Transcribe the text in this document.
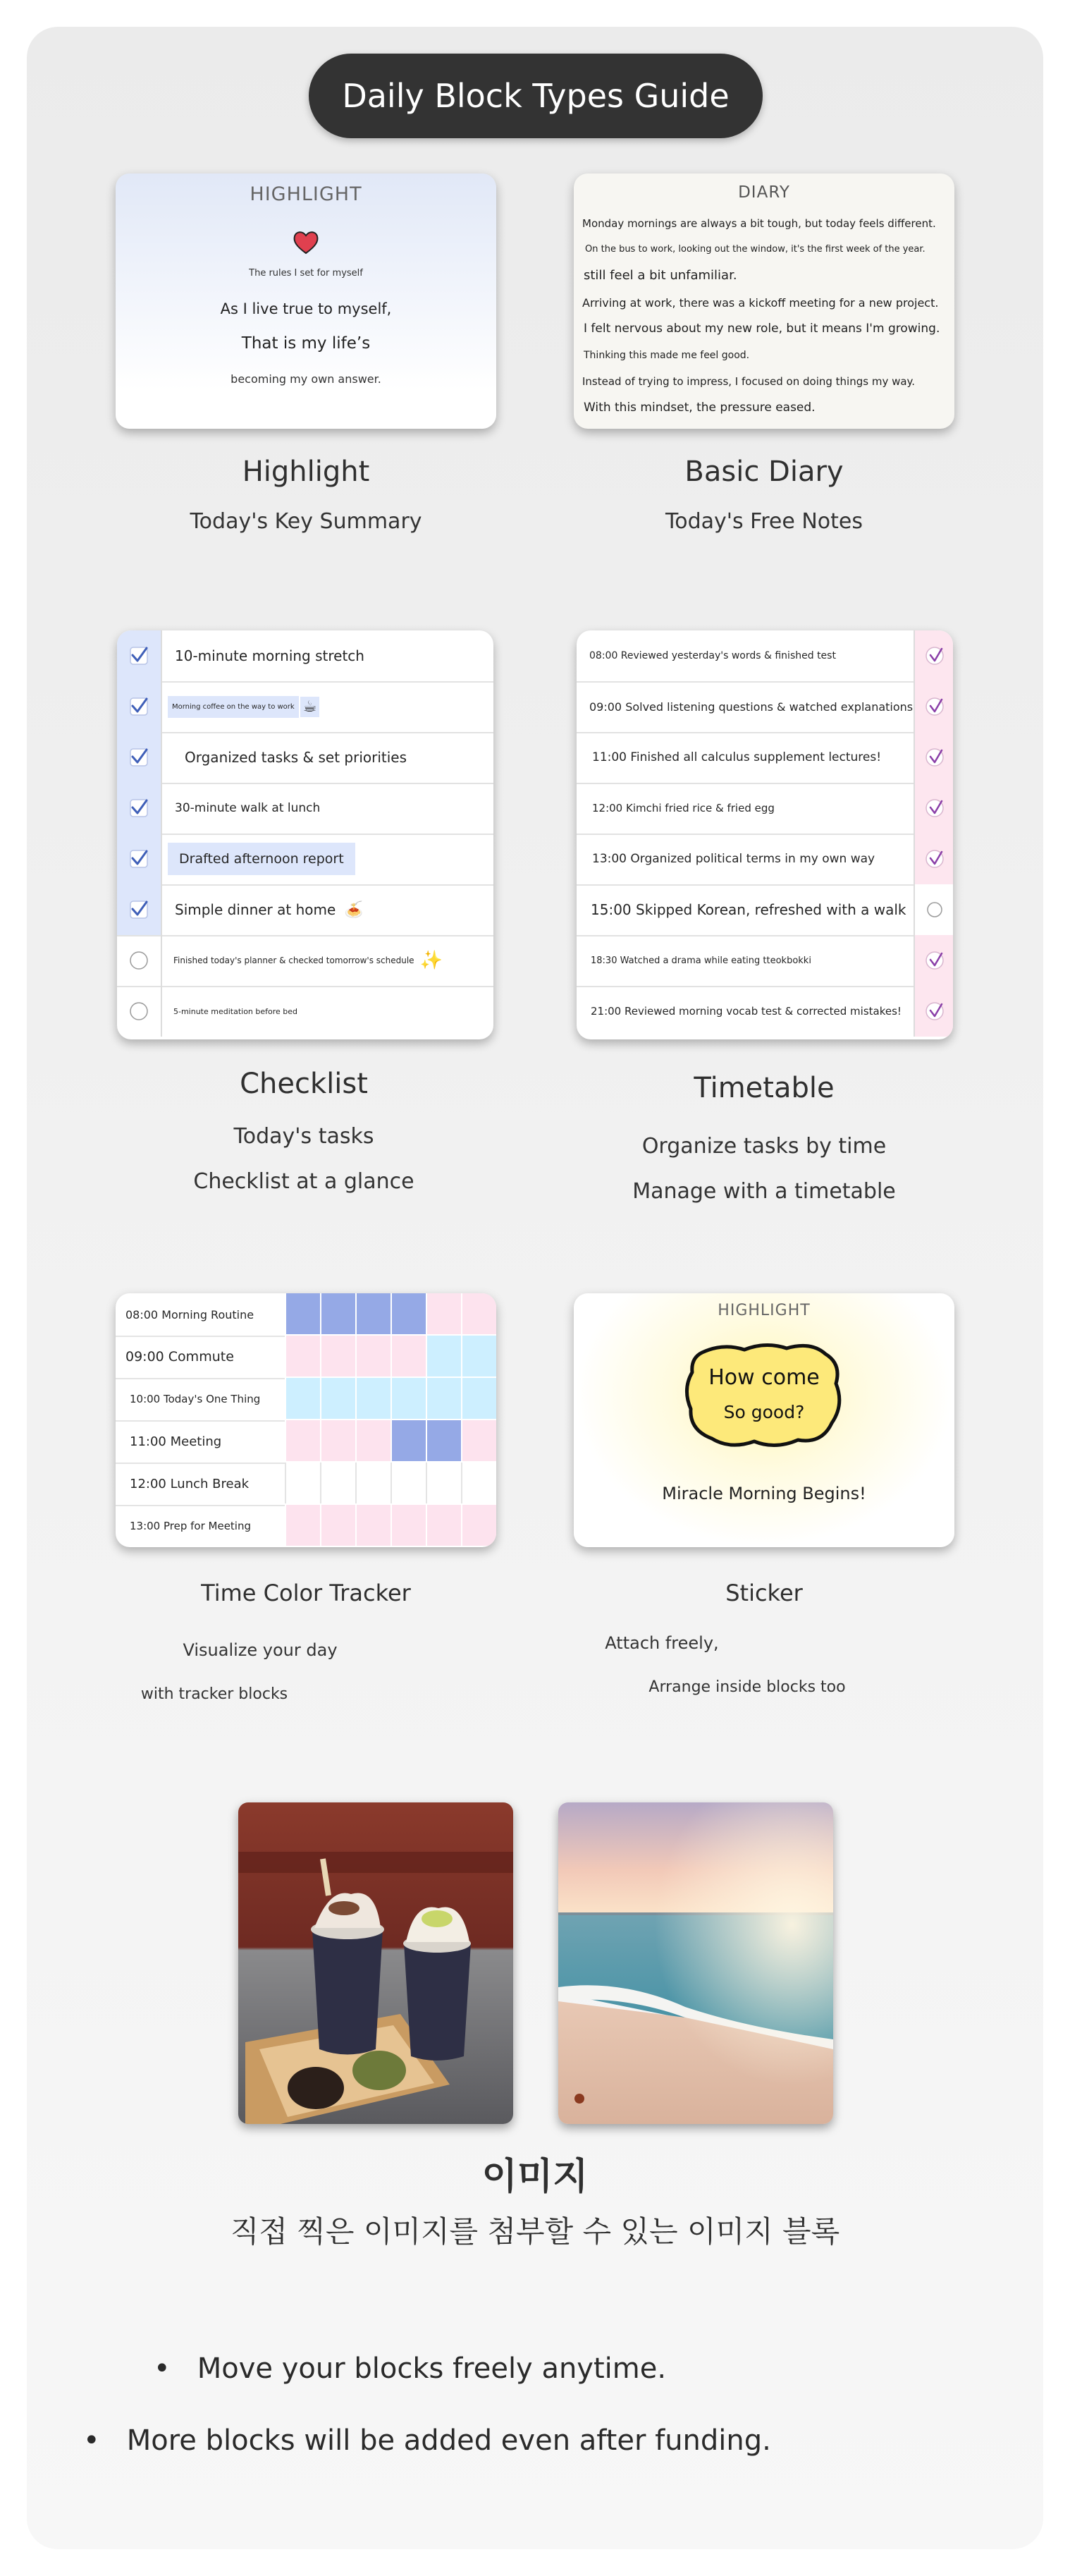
Daily Block Types Guide
HIGHLIGHT
The rules I set for myself
As I live true to myself,
That is my life’s
becoming my own answer.
DIARY
Monday mornings are always a bit tough, but today feels different.
On the bus to work, looking out the window, it's the first week of the year.
still feel a bit unfamiliar.
Arriving at work, there was a kickoff meeting for a new project.
I felt nervous about my new role, but it means I'm growing.
Thinking this made me feel good.
Instead of trying to impress, I focused on doing things my way.
With this mindset, the pressure eased.
Highlight
Today's Key Summary
Basic Diary
Today's Free Notes
10-minute morning stretch
Morning coffee on the way to work ☕
Organized tasks & set priorities
30-minute walk at lunch
Drafted afternoon report
Simple dinner at home 🍝
Finished today's planner & checked tomorrow's schedule ✨
5-minute meditation before bed
08:00 Reviewed yesterday's words & finished test
09:00 Solved listening questions & watched explanations
11:00 Finished all calculus supplement lectures!
12:00 Kimchi fried rice & fried egg
13:00 Organized political terms in my own way
15:00 Skipped Korean, refreshed with a walk
18:30 Watched a drama while eating tteokbokki
21:00 Reviewed morning vocab test & corrected mistakes!
Checklist
Today's tasks
Checklist at a glance
Timetable
Organize tasks by time
Manage with a timetable
08:00 Morning Routine
09:00 Commute
10:00 Today's One Thing
11:00 Meeting
12:00 Lunch Break
13:00 Prep for Meeting
HIGHLIGHT
How come
So good?
Miracle Morning Begins!
Time Color Tracker
Visualize your day
with tracker blocks
Sticker
Attach freely,
Arrange inside blocks too
이미지
직접 찍은 이미지를 첨부할 수 있는 이미지 블록
•   Move your blocks freely anytime.
•   More blocks will be added even after funding.
